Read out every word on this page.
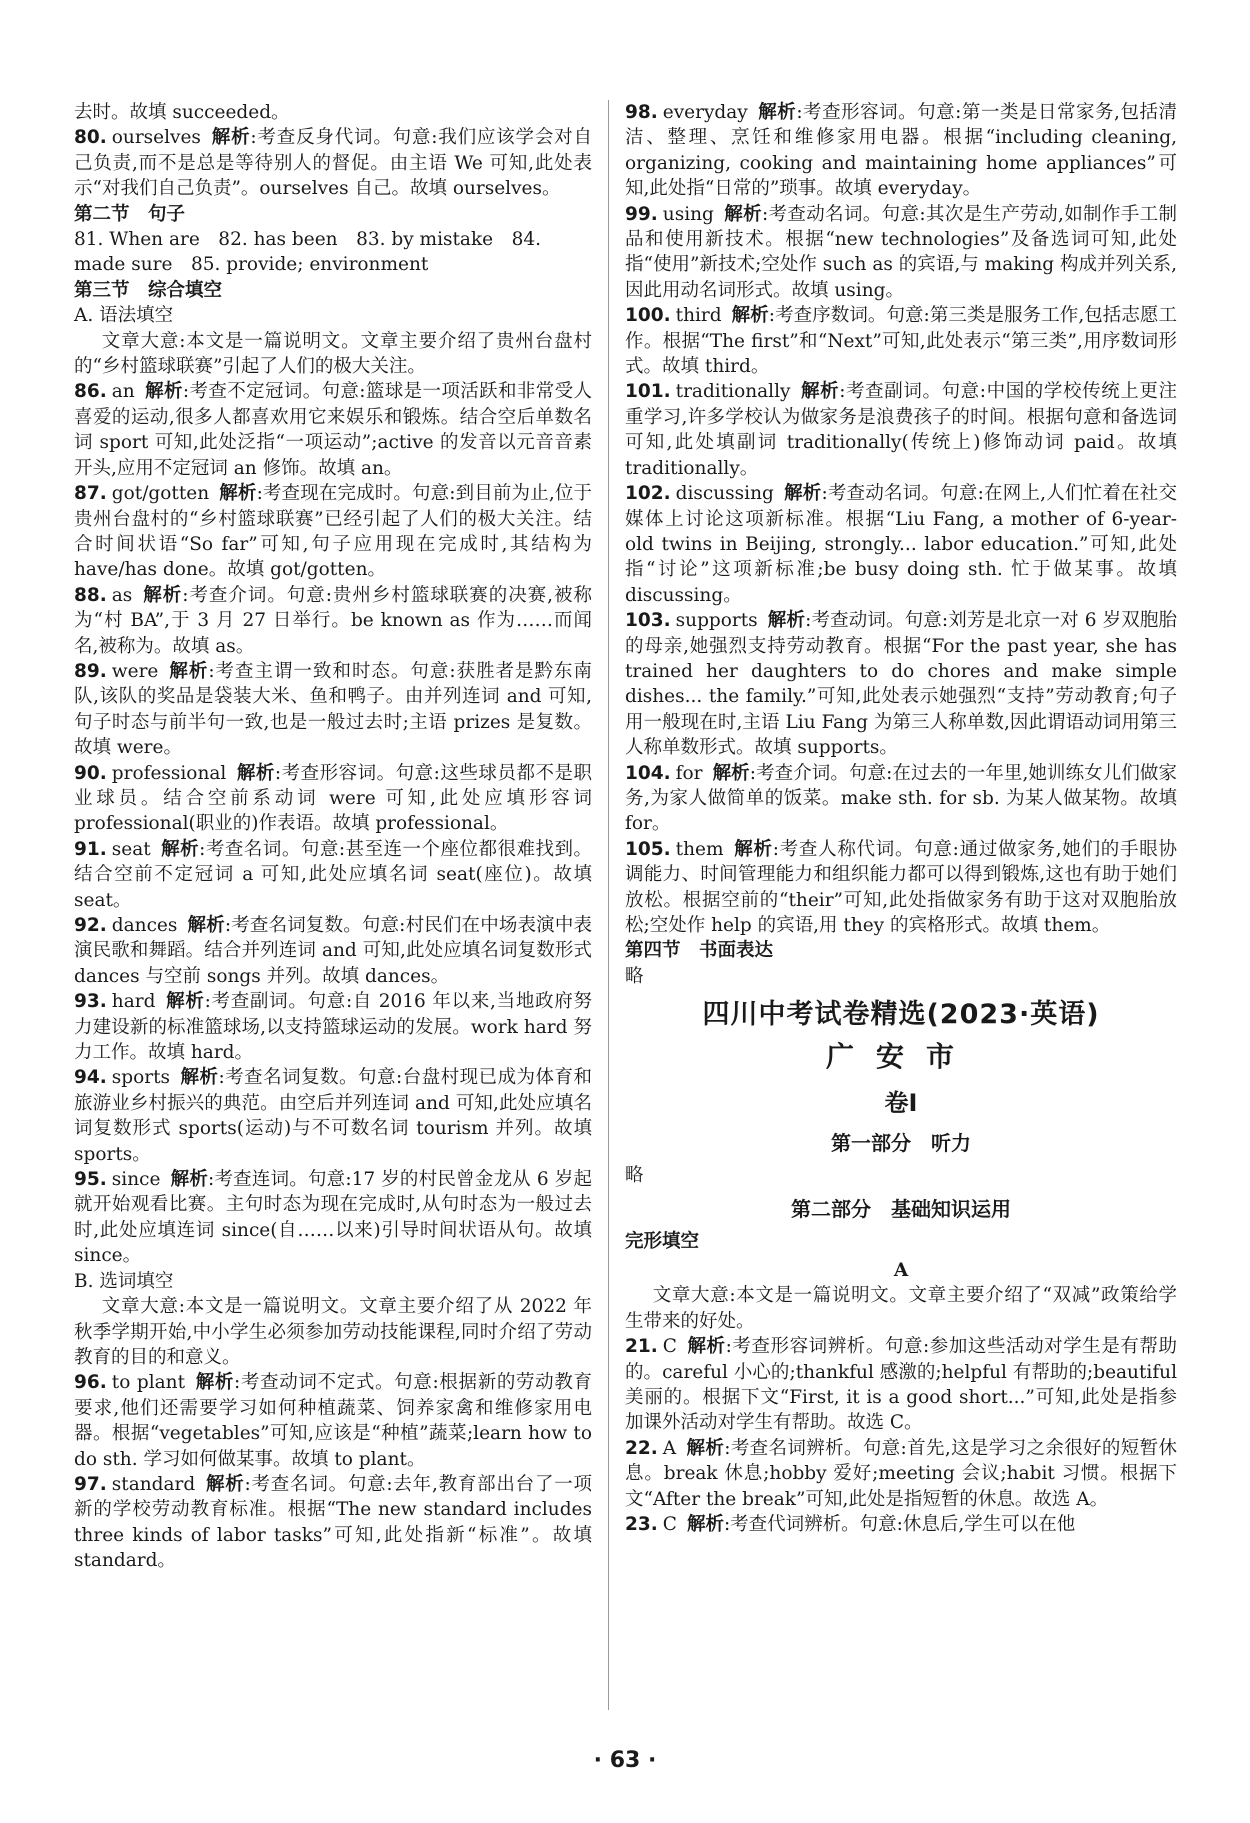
去时。故填 succeeded。

80. ourselves 解析:考查反身代词。句意:我们应该学会对自己负责,而不是总是等待别人的督促。由主语 We 可知,此处表示“对我们自己负责”。ourselves 自己。故填 ourselves。

第二节　句子

81. When are　82. has been　83. by mistake　84. made sure　85. provide; environment

第三节　综合填空

A. 语法填空

文章大意:本文是一篇说明文。文章主要介绍了贵州台盘村的“乡村篮球联赛”引起了人们的极大关注。

86. an 解析:考查不定冠词。句意:篮球是一项活跃和非常受人喜爱的运动,很多人都喜欢用它来娱乐和锻炼。结合空后单数名词 sport 可知,此处泛指“一项运动”;active 的发音以元音音素开头,应用不定冠词 an 修饰。故填 an。

87. got/gotten 解析:考查现在完成时。句意:到目前为止,位于贵州台盘村的“乡村篮球联赛”已经引起了人们的极大关注。结合时间状语“So far”可知,句子应用现在完成时,其结构为 have/has done。故填 got/gotten。

88. as 解析:考查介词。句意:贵州乡村篮球联赛的决赛,被称为“村 BA”,于 3 月 27 日举行。be known as 作为……而闻名,被称为。故填 as。

89. were 解析:考查主谓一致和时态。句意:获胜者是黔东南队,该队的奖品是袋装大米、鱼和鸭子。由并列连词 and 可知,句子时态与前半句一致,也是一般过去时;主语 prizes 是复数。故填 were。

90. professional 解析:考查形容词。句意:这些球员都不是职业球员。结合空前系动词 were 可知,此处应填形容词 professional(职业的)作表语。故填 professional。

91. seat 解析:考查名词。句意:甚至连一个座位都很难找到。结合空前不定冠词 a 可知,此处应填名词 seat(座位)。故填 seat。

92. dances 解析:考查名词复数。句意:村民们在中场表演中表演民歌和舞蹈。结合并列连词 and 可知,此处应填名词复数形式 dances 与空前 songs 并列。故填 dances。

93. hard 解析:考查副词。句意:自 2016 年以来,当地政府努力建设新的标准篮球场,以支持篮球运动的发展。work hard 努力工作。故填 hard。

94. sports 解析:考查名词复数。句意:台盘村现已成为体育和旅游业乡村振兴的典范。由空后并列连词 and 可知,此处应填名词复数形式 sports(运动)与不可数名词 tourism 并列。故填 sports。

95. since 解析:考查连词。句意:17 岁的村民曾金龙从 6 岁起就开始观看比赛。主句时态为现在完成时,从句时态为一般过去时,此处应填连词 since(自……以来)引导时间状语从句。故填 since。

B. 选词填空

文章大意:本文是一篇说明文。文章主要介绍了从 2022 年秋季学期开始,中小学生必须参加劳动技能课程,同时介绍了劳动教育的目的和意义。

96. to plant 解析:考查动词不定式。句意:根据新的劳动教育要求,他们还需要学习如何种植蔬菜、饲养家禽和维修家用电器。根据“vegetables”可知,应该是“种植”蔬菜;learn how to do sth. 学习如何做某事。故填 to plant。

97. standard 解析:考查名词。句意:去年,教育部出台了一项新的学校劳动教育标准。根据“The new standard includes three kinds of labor tasks”可知,此处指新“标准”。故填 standard。

98. everyday 解析:考查形容词。句意:第一类是日常家务,包括清洁、整理、烹饪和维修家用电器。根据“including cleaning, organizing, cooking and maintaining home appliances”可知,此处指“日常的”琐事。故填 everyday。

99. using 解析:考查动名词。句意:其次是生产劳动,如制作手工制品和使用新技术。根据“new technologies”及备选词可知,此处指“使用”新技术;空处作 such as 的宾语,与 making 构成并列关系,因此用动名词形式。故填 using。

100. third 解析:考查序数词。句意:第三类是服务工作,包括志愿工作。根据“The first”和“Next”可知,此处表示“第三类”,用序数词形式。故填 third。

101. traditionally 解析:考查副词。句意:中国的学校传统上更注重学习,许多学校认为做家务是浪费孩子的时间。根据句意和备选词可知,此处填副词 traditionally(传统上)修饰动词 paid。故填 traditionally。

102. discussing 解析:考查动名词。句意:在网上,人们忙着在社交媒体上讨论这项新标准。根据“Liu Fang, a mother of 6-year-old twins in Beijing, strongly... labor education.”可知,此处指“讨论”这项新标准;be busy doing sth. 忙于做某事。故填 discussing。

103. supports 解析:考查动词。句意:刘芳是北京一对 6 岁双胞胎的母亲,她强烈支持劳动教育。根据“For the past year, she has trained her daughters to do chores and make simple dishes... the family.”可知,此处表示她强烈“支持”劳动教育;句子用一般现在时,主语 Liu Fang 为第三人称单数,因此谓语动词用第三人称单数形式。故填 supports。

104. for 解析:考查介词。句意:在过去的一年里,她训练女儿们做家务,为家人做简单的饭菜。make sth. for sb. 为某人做某物。故填 for。

105. them 解析:考查人称代词。句意:通过做家务,她们的手眼协调能力、时间管理能力和组织能力都可以得到锻炼,这也有助于她们放松。根据空前的“their”可知,此处指做家务有助于这对双胞胎放松;空处作 help 的宾语,用 they 的宾格形式。故填 them。

第四节　书面表达

略

四川中考试卷精选(2023·英语)

广安市

卷Ⅰ

第一部分　听力

略

第二部分　基础知识运用

完形填空

A

文章大意:本文是一篇说明文。文章主要介绍了“双减”政策给学生带来的好处。

21. C 解析:考查形容词辨析。句意:参加这些活动对学生是有帮助的。careful 小心的;thankful 感激的;helpful 有帮助的;beautiful 美丽的。根据下文“First, it is a good short...”可知,此处是指参加课外活动对学生有帮助。故选 C。

22. A 解析:考查名词辨析。句意:首先,这是学习之余很好的短暂休息。break 休息;hobby 爱好;meeting 会议;habit 习惯。根据下文“After the break”可知,此处是指短暂的休息。故选 A。

23. C 解析:考查代词辨析。句意:休息后,学生可以在他

· 63 ·
